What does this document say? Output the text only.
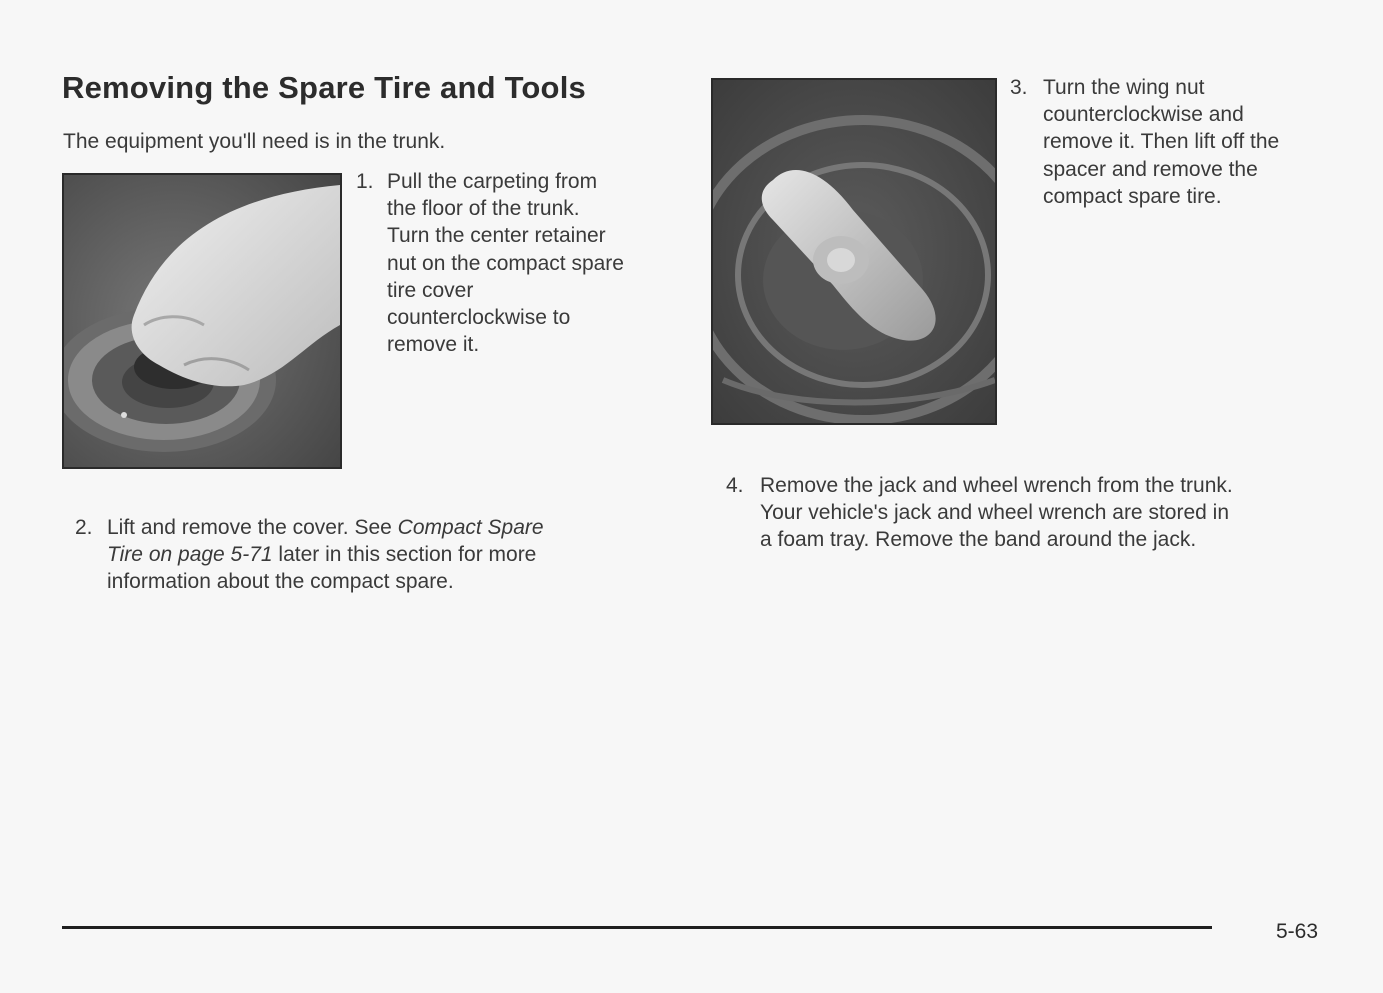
Removing the Spare Tire and Tools
The equipment you'll need is in the trunk.
1. Pull the carpeting from
the floor of the trunk.
Turn the center retainer
nut on the compact spare
tire cover
counterclockwise to
remove it.
2. Lift and remove the cover. See Compact Spare
Tire on page 5-71 later in this section for more
information about the compact spare.
3. Turn the wing nut
counterclockwise and
remove it. Then lift off the
spacer and remove the
compact spare tire.
4. Remove the jack and wheel wrench from the trunk.
Your vehicle's jack and wheel wrench are stored in
a foam tray. Remove the band around the jack.
5-63
